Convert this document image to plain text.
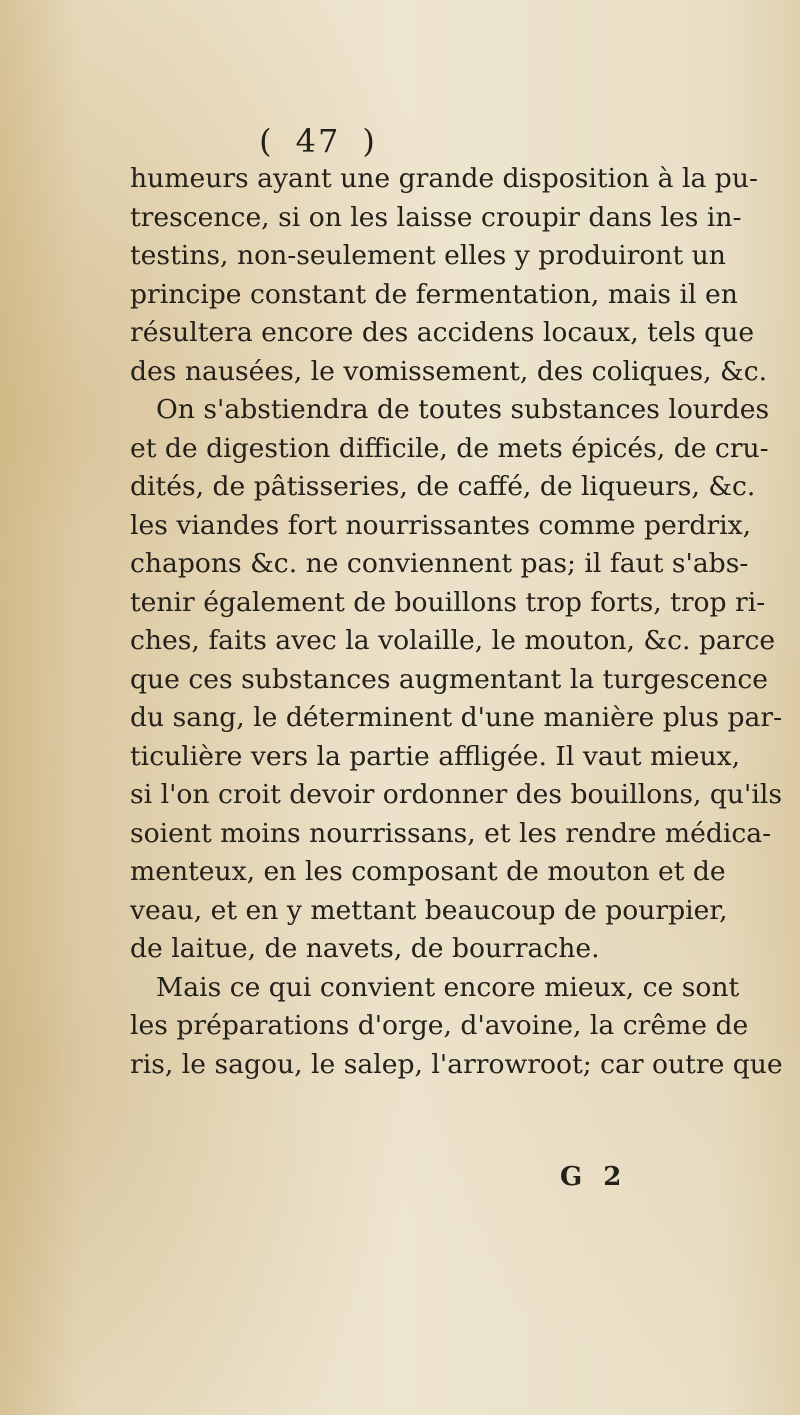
( 47 )
humeurs ayant une grande disposition à la pu-
trescence, si on les laisse croupir dans les in-
testins, non-seulement elles y produiront un
principe constant de fermentation, mais il en
résultera encore des accidens locaux, tels que
des nausées, le vomissement, des coliques, &c.
On s'abstiendra de toutes substances lourdes
et de digestion difficile, de mets épicés, de cru-
dités, de pâtisseries, de caffé, de liqueurs, &c.
les viandes fort nourrissantes comme perdrix,
chapons &c. ne conviennent pas; il faut s'abs-
tenir également de bouillons trop forts, trop ri-
ches, faits avec la volaille, le mouton, &c. parce
que ces substances augmentant la turgescence
du sang, le déterminent d'une manière plus par-
ticulière vers la partie affligée. Il vaut mieux,
si l'on croit devoir ordonner des bouillons, qu'ils
soient moins nourrissans, et les rendre médica-
menteux, en les composant de mouton et de
veau, et en y mettant beaucoup de pourpier,
de laitue, de navets, de bourrache.
Mais ce qui convient encore mieux, ce sont
les préparations d'orge, d'avoine, la crême de
ris, le sagou, le salep, l'arrowroot; car outre que
G 2
